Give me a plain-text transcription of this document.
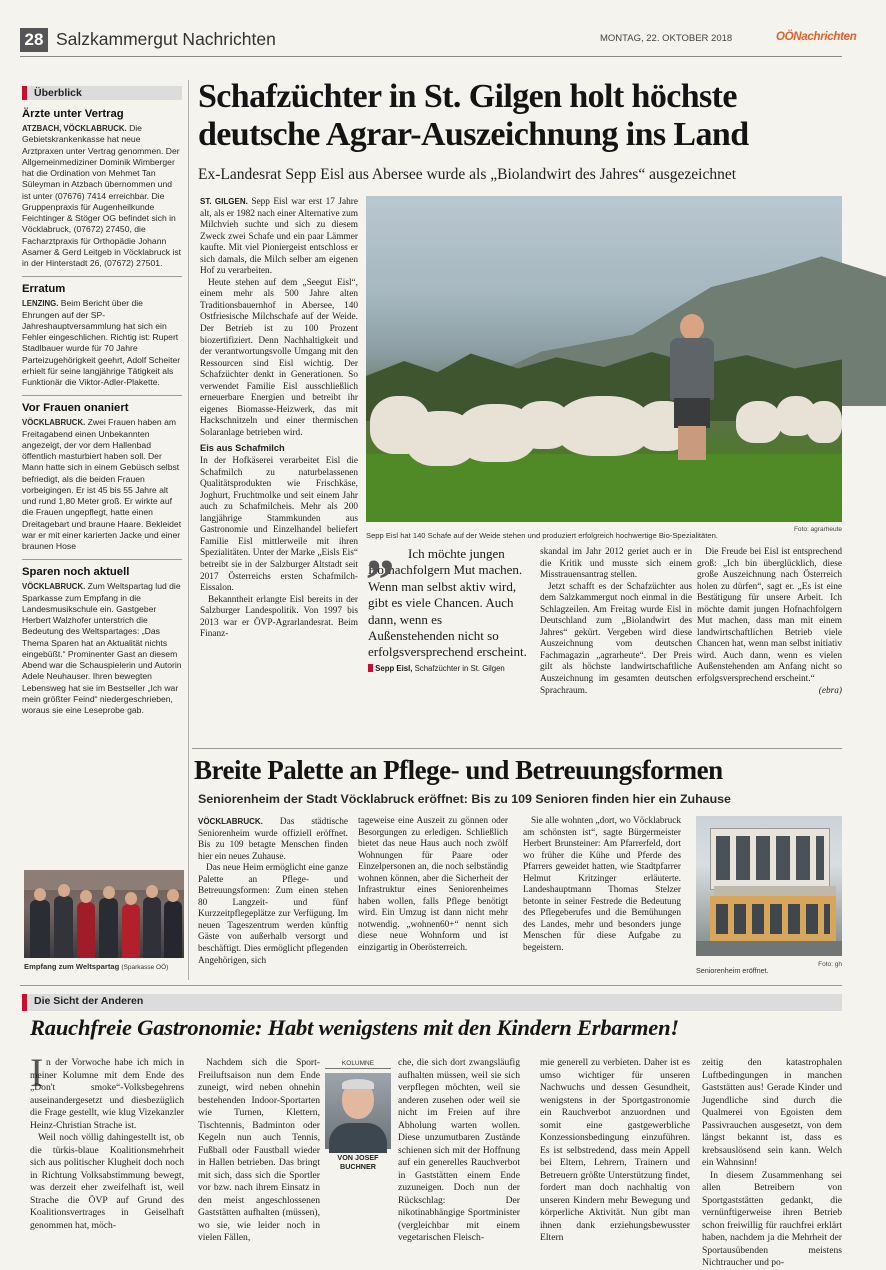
28 Salzkammergut Nachrichten	MONTAG, 22. OKTOBER 2018	OÖNachrichten
Überblick
Ärzte unter Vertrag
ATZBACH, VÖCKLABRUCK. Die Gebietskrankenkasse hat neue Arztpraxen unter Vertrag genommen. Der Allgemeinmediziner Dominik Wimberger hat die Ordination von Mehmet Tan Süleyman in Atzbach übernommen und ist unter (07676) 7414 erreichbar. Die Gruppenpraxis für Augenheilkunde Feichtinger & Stöger OG befindet sich in Vöcklabruck, (07672) 27450, die Facharztpraxis für Orthopädie Johann Asamer & Gerd Leitgeb in Vöcklabruck ist in der Hinterstadt 26, (07672) 27501.
Erratum
LENZING. Beim Bericht über die Ehrungen auf der SP-Jahreshauptversammlung hat sich ein Fehler eingeschlichen. Richtig ist: Rupert Stadlbauer wurde für 70 Jahre Parteizugehörigkeit geehrt, Adolf Scheiter erhielt für seine langjährige Tätigkeit als Funktionär die Viktor-Adler-Plakette.
Vor Frauen onaniert
VÖCKLABRUCK. Zwei Frauen haben am Freitagabend einen Unbekannten angezeigt, der vor dem Hallenbad öffentlich masturbiert haben soll. Der Mann hatte sich in einem Gebüsch selbst befriedigt, als die beiden Frauen vorbeigingen. Er ist 45 bis 55 Jahre alt und rund 1,80 Meter groß. Er wirkte auf die Frauen ungepflegt, hatte einen Dreitagebart und braune Haare. Bekleidet war er mit einer karierten Jacke und einer braunen Hose
Sparen noch aktuell
VÖCKLABRUCK. Zum Weltspartag lud die Sparkasse zum Empfang in die Landesmusikschule ein. Gastgeber Herbert Walzhofer unterstrich die Bedeutung des Weltspartages: „Das Thema Sparen hat an Aktualität nichts eingebüßt.“ Prominenter Gast an diesem Abend war die Schauspielerin und Autorin Adele Neuhauser. Ihren bewegten Lebensweg hat sie im Bestseller „Ich war mein größter Feind“ niedergeschrieben, woraus sie eine Leseprobe gab.
Empfang zum Weltspartag (Sparkasse OÖ)
Schafzüchter in St. Gilgen holt höchste deutsche Agrar-Auszeichnung ins Land
Ex-Landesrat Sepp Eisl aus Abersee wurde als „Biolandwirt des Jahres“ ausgezeichnet

ST. GILGEN. Sepp Eisl war erst 17 Jahre alt, als er 1982 nach einer Alternative zum Milchvieh suchte und sich zu diesem Zweck zwei Schafe und ein paar Lämmer kaufte. Mit viel Pioniergeist entschloss er sich damals, die Milch selber am eigenen Hof zu verarbeiten.

Heute stehen auf dem „Seegut Eisl“, einem mehr als 500 Jahre alten Traditionsbauernhof in Abersee, 140 Ostfriesische Milchschafe auf der Weide. Der Betrieb ist zu 100 Prozent biozertifiziert. Denn Nachhaltigkeit und der verantwortungsvolle Umgang mit den Ressourcen sind Eisl wichtig. Der Schafzüchter denkt in Generationen. So verwendet Familie Eisl ausschließlich erneuerbare Energien und betreibt ihr eigenes Biomasse-Heizwerk, das mit Hackschnitzeln und einer thermischen Solaranlage betrieben wird.

Eis aus Schafmilch

In der Hofkäserei verarbeitet Eisl die Schafmilch zu naturbelassenen Qualitätsprodukten wie Frischkäse, Joghurt, Fruchtmolke und seit einem Jahr auch zu Schafmilcheis. Mehr als 200 langjährige Stammkunden aus Gastronomie und Einzelhandel beliefert Familie Eisl mittlerweile mit ihren Spezialitäten. Unter der Marke „Eisls Eis“ betreibt sie in der Salzburger Altstadt seit 2017 Österreichs ersten Schafmilch-Eissalon.

Bekanntheit erlangte Eisl bereits in der Salzburger Landespolitik. Von 1997 bis 2013 war er ÖVP-Agrarlandesrat. Beim Finanz-

Sepp Eisl hat 140 Schafe auf der Weide stehen und produziert erfolgreich hochwertige Bio-Spezialitäten.
Foto: agrarheute
„	Ich möchte jungen Hofnachfolgern Mut machen. Wenn man selbst aktiv wird, gibt es viele Chancen. Auch dann, wenn es Außenstehenden nicht so erfolgsversprechend erscheint.
Sepp Eisl, Schafzüchter in St. Gilgen

skandal im Jahr 2012 geriet auch er in die Kritik und musste sich einem Misstrauensantrag stellen.

Jetzt schafft es der Schafzüchter aus dem Salzkammergut noch einmal in die Schlagzeilen. Am Freitag wurde Eisl in Deutschland zum „Biolandwirt des Jahres“ gekürt. Vergeben wird diese Auszeichnung vom deutschen Fachmagazin „agrarheute“. Der Preis gilt als höchste landwirtschaftliche Auszeichnung im gesamten deutschen Sprachraum.

Die Freude bei Eisl ist entsprechend groß: „Ich bin überglücklich, diese große Auszeichnung nach Österreich holen zu dürfen“, sagt er. „Es ist eine Bestätigung für unsere Arbeit. Ich möchte damit jungen Hofnachfolgern Mut machen, dass man mit einem landwirtschaftlichen Betrieb viele Chancen hat, wenn man selbst initiativ wird. Auch dann, wenn es vielen Außenstehenden am Anfang nicht so erfolgsversprechend erscheint.“

(ebra)
Breite Palette an Pflege- und Betreuungsformen
Seniorenheim der Stadt Vöcklabruck eröffnet: Bis zu 109 Senioren finden hier ein Zuhause

VÖCKLABRUCK. Das städtische Seniorenheim wurde offiziell eröffnet. Bis zu 109 betagte Menschen finden hier ein neues Zuhause.

Das neue Heim ermöglicht eine ganze Palette an Pflege- und Betreuungsformen: Zum einen stehen 80 Langzeit- und fünf Kurzzeitpflegeplätze zur Verfügung. Im neuen Tageszentrum werden künftig Gäste von außerhalb versorgt und beschäftigt. Dies ermöglicht pflegenden Angehörigen, sich

tageweise eine Auszeit zu gönnen oder Besorgungen zu erledigen. Schließlich bietet das neue Haus auch noch zwölf Wohnungen für Paare oder Einzelpersonen an, die noch selbständig wohnen können, aber die Sicherheit der Infrastruktur eines Seniorenheimes haben wollen, falls Pflege benötigt wird. Ein Umzug ist dann nicht mehr notwendig. „wohnen60+“ nennt sich diese neue Wohnform und ist einzigartig in Oberösterreich.

Sie alle wohnten „dort, wo Vöcklabruck am schönsten ist“, sagte Bürgermeister Herbert Brunsteiner: Am Pfarrerfeld, dort wo früher die Kühe und Pferde des Pfarrers geweidet hatten, wie Stadtpfarrer Helmut Kritzinger erläuterte. Landeshauptmann Thomas Stelzer betonte in seiner Festrede die Bedeutung des Pflegeberufes und die Bemühungen des Landes, mehr und besonders junge Menschen für diese Aufgabe zu begeistern.

Seniorenheim eröffnet.
Foto: gh
Die Sicht der Anderen
Rauchfreie Gastronomie: Habt wenigstens mit den Kindern Erbarmen!
I n der Vorwoche habe ich mich in meiner Kolumne mit dem Ende des „Don't smoke“-Volksbegehrens auseinandergesetzt und diesbezüglich die Frage gestellt, wie klug Vizekanzler Heinz-Christian Strache ist.

Weil noch völlig dahingestellt ist, ob die türkis-blaue Koalitionsmehrheit sich aus politischer Klugheit doch noch in Richtung Volksabstimmung bewegt, was derzeit eher zweifelhaft ist, weil Strache die ÖVP auf Grund des Koalitionsvertrages in Geiselhaft genommen hat, möch-

Nachdem sich die Sport-Freiluftsaison nun dem Ende zuneigt, wird neben ohnehin bestehenden Indoor-Sportarten wie Turnen, Klettern, Tischtennis, Badminton oder Kegeln nun auch Tennis, Fußball oder Faustball wieder in Hallen betrieben. Das bringt mit sich, dass sich die Sportler vor bzw. nach ihrem Einsatz in den meist angeschlossenen Gaststätten aufhalten (müssen), wo sie, wie leider noch in vielen Fällen,

KOLUMNE
VON JOSEF BUCHNER

che, die sich dort zwangsläufig aufhalten müssen, weil sie sich verpflegen möchten, weil sie anderen zusehen oder weil sie nicht im Freien auf ihre Abholung warten wollen. Diese unzumutbaren Zustände schienen sich mit der Hoffnung auf ein generelles Rauchverbot in Gaststätten einem Ende zuzuneigen. Doch nun der Rückschlag: Der nikotinabhängige Sportminister (vergleichbar mit einem vegetarischen Fleisch-

mie generell zu verbieten. Daher ist es umso wichtiger für unseren Nachwuchs und dessen Gesundheit, wenigstens in der Sportgastronomie ein Rauchverbot anzuordnen und somit eine gastgewerbliche Konzessionsbedingung einzuführen. Es ist selbstredend, dass mein Appell bei Eltern, Lehrern, Trainern und Betreuern größte Unterstützung findet, fordert man doch nachhaltig von unseren Kindern mehr Bewegung und körperliche Aktivität. Nun gibt man ihnen dank erziehungsbewusster Eltern

zeitig den katastrophalen Luftbedingungen in manchen Gaststätten aus! Gerade Kinder und Jugendliche sind durch die Qualmerei von Egoisten dem Passivrauchen ausgesetzt, von dem längst bekannt ist, dass es krebsauslösend sein kann. Welch ein Wahnsinn!

In diesem Zusammenhang sei allen Betreibern von Sportgaststätten gedankt, die vernünftigerweise ihren Betrieb schon freiwillig für rauchfrei erklärt haben, nachdem ja die Mehrheit der Sportausübenden meistens Nichtraucher und po-
